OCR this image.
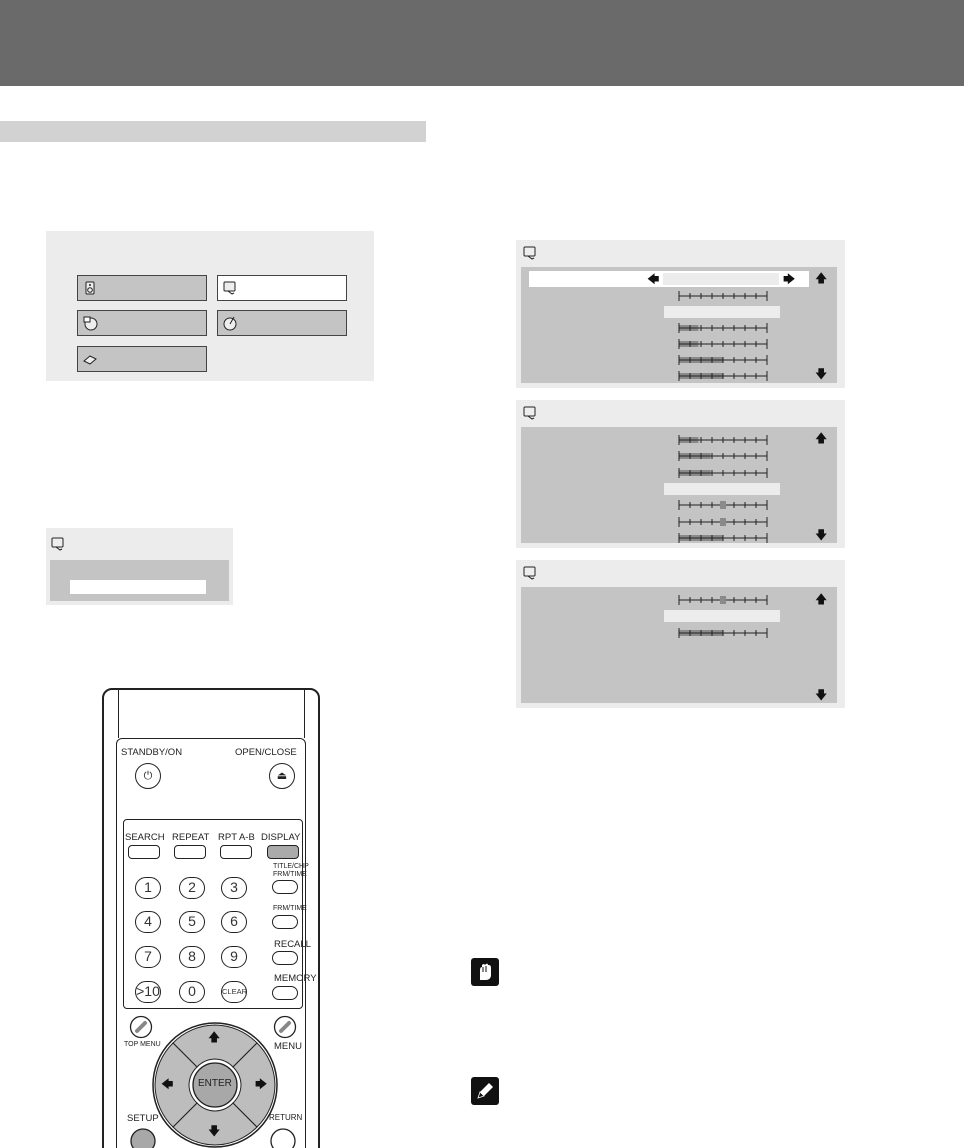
🡄	🡆 🡅
🡇
🡅
🡇
🡅
🡇
STANDBY/ON	OPEN/CLOSE
⏻	⏏
SEARCH REPEAT RPT A-B DISPLAY
TITLE/CHP
FRM/TIME
FRM/TIME
RECALL
MEMORY
1	2	3
4	5	6
7	8	9
>10	0	CLEAR
TOP MENU	MENU
ENTER
🡅
🡇
🡄	🡆
SETUP	RETURN
